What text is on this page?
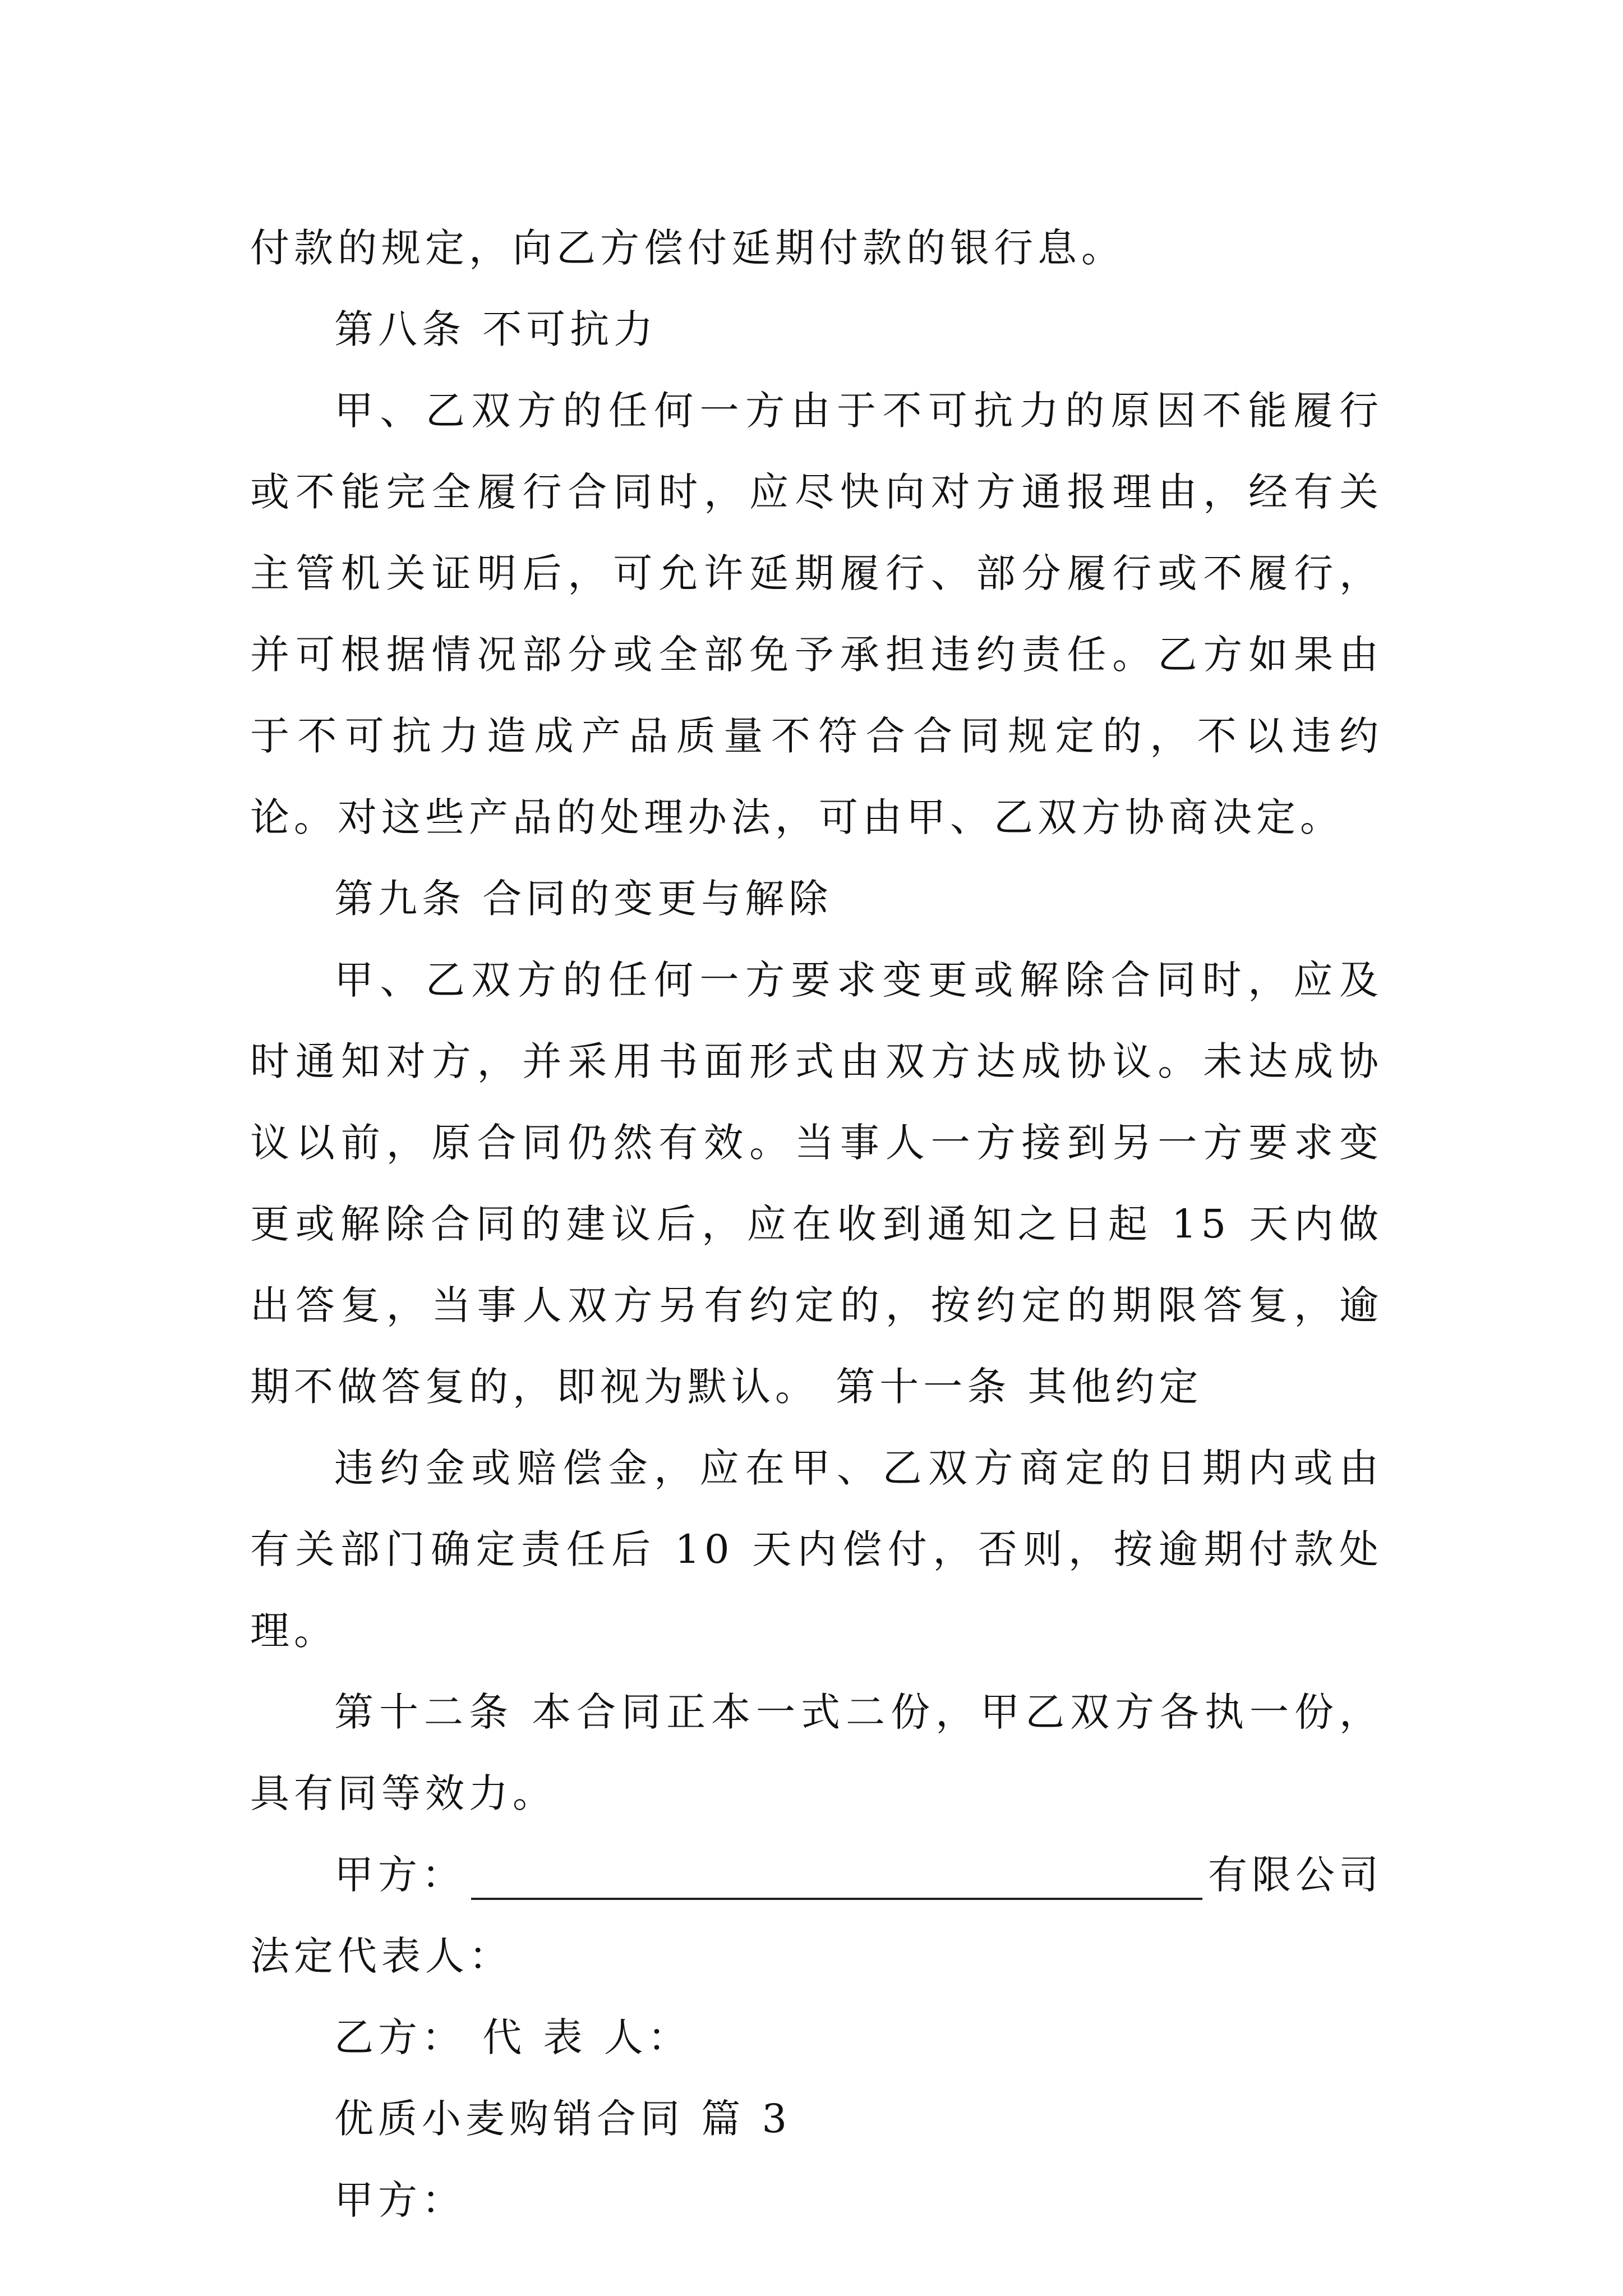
付款的规定，向乙方偿付延期付款的银行息。

第八条 不可抗力

甲、乙双方的任何一方由于不可抗力的原因不能履行或不能完全履行合同时，应尽快向对方通报理由，经有关主管机关证明后，可允许延期履行、部分履行或不履行，并可根据情况部分或全部免予承担违约责任。乙方如果由于不可抗力造成产品质量不符合合同规定的，不以违约论。对这些产品的处理办法，可由甲、乙双方协商决定。

第九条 合同的变更与解除

甲、乙双方的任何一方要求变更或解除合同时，应及时通知对方，并采用书面形式由双方达成协议。未达成协议以前，原合同仍然有效。当事人一方接到另一方要求变更或解除合同的建议后，应在收到通知之日起 15 天内做出答复，当事人双方另有约定的，按约定的期限答复，逾期不做答复的，即视为默认。 第十一条 其他约定

违约金或赔偿金，应在甲、乙双方商定的日期内或由有关部门确定责任后 10 天内偿付，否则，按逾期付款处理。

第十二条 本合同正本一式二份，甲乙双方各执一份，具有同等效力。

甲方：	有限公司

法定代表人：

乙方： 代 表 人：

优质小麦购销合同 篇 3

甲方：
